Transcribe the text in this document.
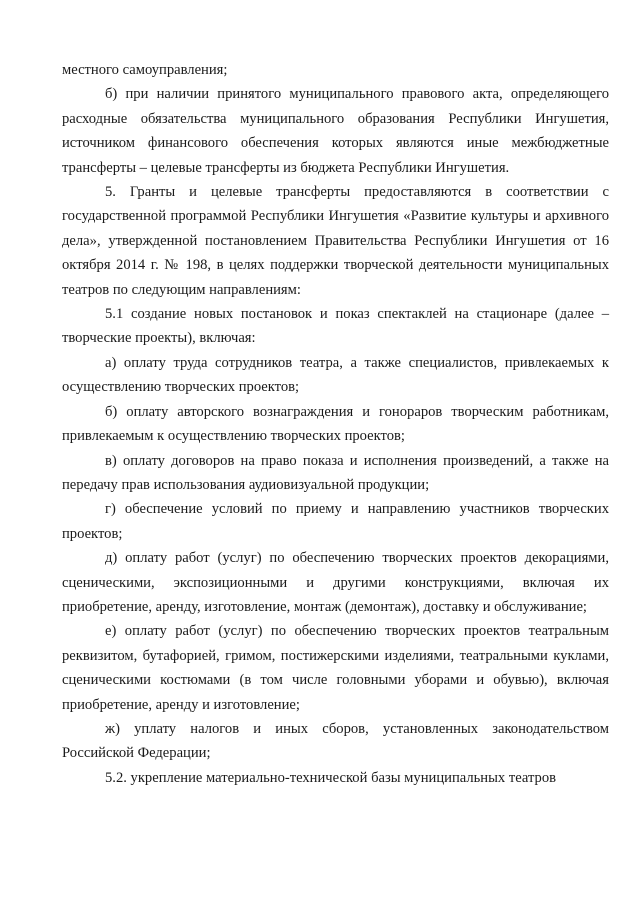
местного самоуправления;

б) при наличии принятого муниципального правового акта, определяющего расходные обязательства муниципального образования Республики Ингушетия, источником финансового обеспечения которых являются иные межбюджетные трансферты – целевые трансферты из бюджета Республики Ингушетия.

5. Гранты и целевые трансферты предоставляются в соответствии с государственной программой Республики Ингушетия «Развитие культуры и архивного дела», утвержденной постановлением Правительства Республики Ингушетия от 16 октября 2014 г. № 198, в целях поддержки творческой деятельности муниципальных театров по следующим направлениям:

5.1 создание новых постановок и показ спектаклей на стационаре (далее – творческие проекты), включая:

а) оплату труда сотрудников театра, а также специалистов, привлекаемых к осуществлению творческих проектов;

б) оплату авторского вознаграждения и гонораров творческим работникам, привлекаемым к осуществлению творческих проектов;

в) оплату договоров на право показа и исполнения произведений, а также на передачу прав использования аудиовизуальной продукции;

г) обеспечение условий по приему и направлению участников творческих проектов;

д) оплату работ (услуг) по обеспечению творческих проектов декорациями, сценическими, экспозиционными и другими конструкциями, включая их приобретение, аренду, изготовление, монтаж (демонтаж), доставку и обслуживание;

е) оплату работ (услуг) по обеспечению творческих проектов театральным реквизитом, бутафорией, гримом, постижерскими изделиями, театральными куклами, сценическими костюмами (в том числе головными уборами и обувью), включая приобретение, аренду и изготовление;

ж) уплату налогов и иных сборов, установленных законодательством Российской Федерации;

5.2. укрепление материально-технической базы муниципальных театров
